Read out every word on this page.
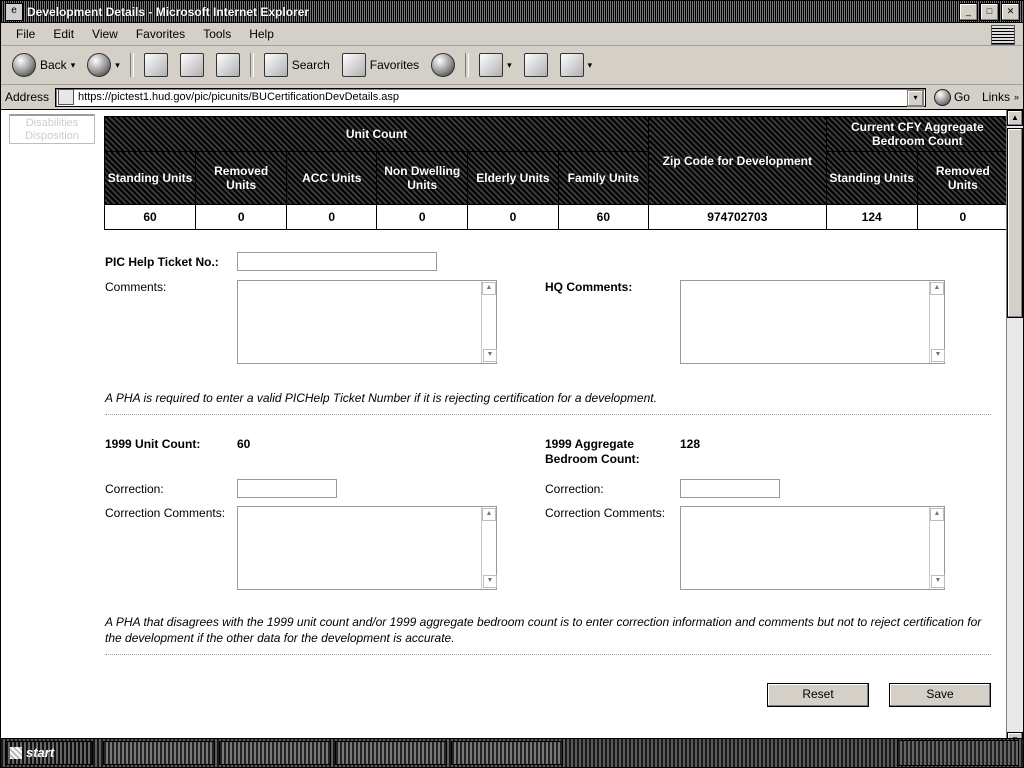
e Development Details - Microsoft Internet Explorer	_	□	✕
File	Edit	View	Favorites	Tools	Help
Back ▾	▾	Search	Favorites	▾	▾
Address	https://pictest1.hud.gov/pic/picunits/BUCertificationDevDetails.asp	▾	Go	Links »
Disabilities
Disposition	Unit Count						Zip Code for Development	Current CFY Aggregate Bedroom Count	
Standing Units	Removed Units	ACC Units	Non Dwelling Units	Elderly Units	Family Units		Standing Units	Removed Units
60	0	0	0	0	60	974702703	124	0
PIC Help Ticket No.:
Comments:	▲
▼
HQ Comments:	▲
▼
A PHA is required to enter a valid PICHelp Ticket Number if it is rejecting certification for a development.
1999 Unit Count:	60	1999 Aggregate Bedroom Count:
128
Correction:	Correction:
Correction Comments:	▲
▼
Correction Comments:	▲
▼
A PHA that disagrees with the 1999 unit count and/or 1999 aggregate bedroom count is to enter correction information and comments but not to reject certification for the development if the other data for the development is accurate.
Reset	Save
▲
start
